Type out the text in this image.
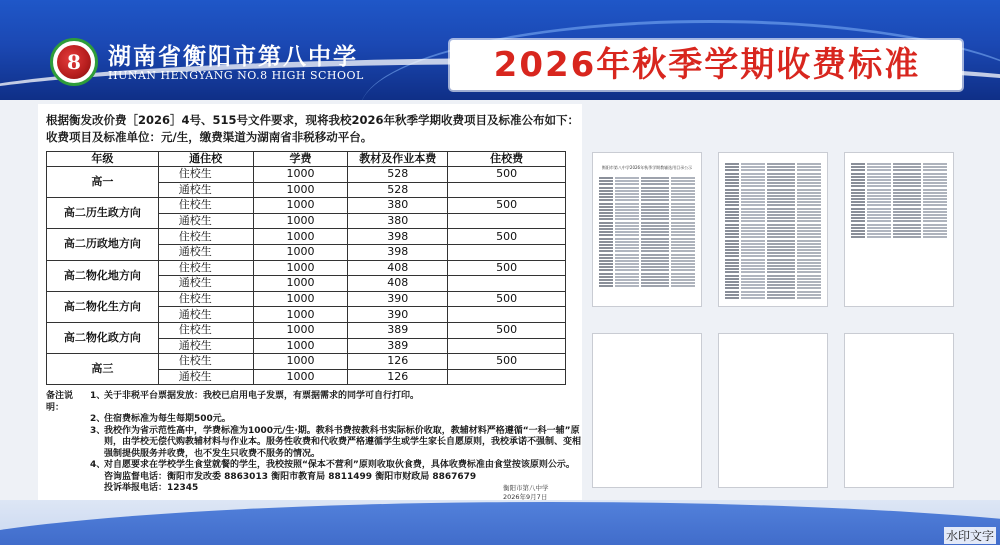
8	湖南省衡阳市第八中学
HUNAN HENGYANG NO.8 HIGH SCHOOL	2026年秋季学期收费标准
根据衡发改价费［2026］4号、515号文件要求，现将我校2026年秋季学期收费项目及标准公布如下：
收费项目及标准单位：元/生，缴费渠道为湖南省非税移动平台。
年级	通住校	学费	教材及作业本费	住校费
高一	住校生	1000	528	500
	通校生	1000	528	
高二历生政方向	住校生	1000	380	500
	通校生	1000	380	
高二历政地方向	住校生	1000	398	500
	通校生	1000	398	
高二物化地方向	住校生	1000	408	500
	通校生	1000	408	
高二物化生方向	住校生	1000	390	500
	通校生	1000	390	
高二物化政方向	住校生	1000	389	500
	通校生	1000	389	
高三	住校生	1000	126	500
	通校生	1000	126	
备注说明：
1、
关于非税平台票据发放：我校已启用电子发票，有票据需求的同学可自行打印。
2、
住宿费标准为每生每期500元。
3、
我校作为省示范性高中，学费标准为1000元/生·期。教科书费按教科书实际标价收取，教辅材料严格遵循“一科一辅”原则，由学校无偿代购教辅材料与作业本。服务性收费和代收费严格遵循学生或学生家长自愿原则，我校承诺不强制、变相强制提供服务并收费，也不发生只收费不服务的情况。
4、
对自愿要求在学校学生食堂就餐的学生，我校按照“保本不营利”原则收取伙食费，具体收费标准由食堂按该原则公示。
咨询监督电话：衡阳市发改委 8863013 衡阳市教育局 8811499 衡阳市财政局 8867679
投诉举报电话：12345	衡阳市第八中学
2026年9月7日
衡阳市第八中学2026年秋季学期教辅选用目录公示
水印文字
